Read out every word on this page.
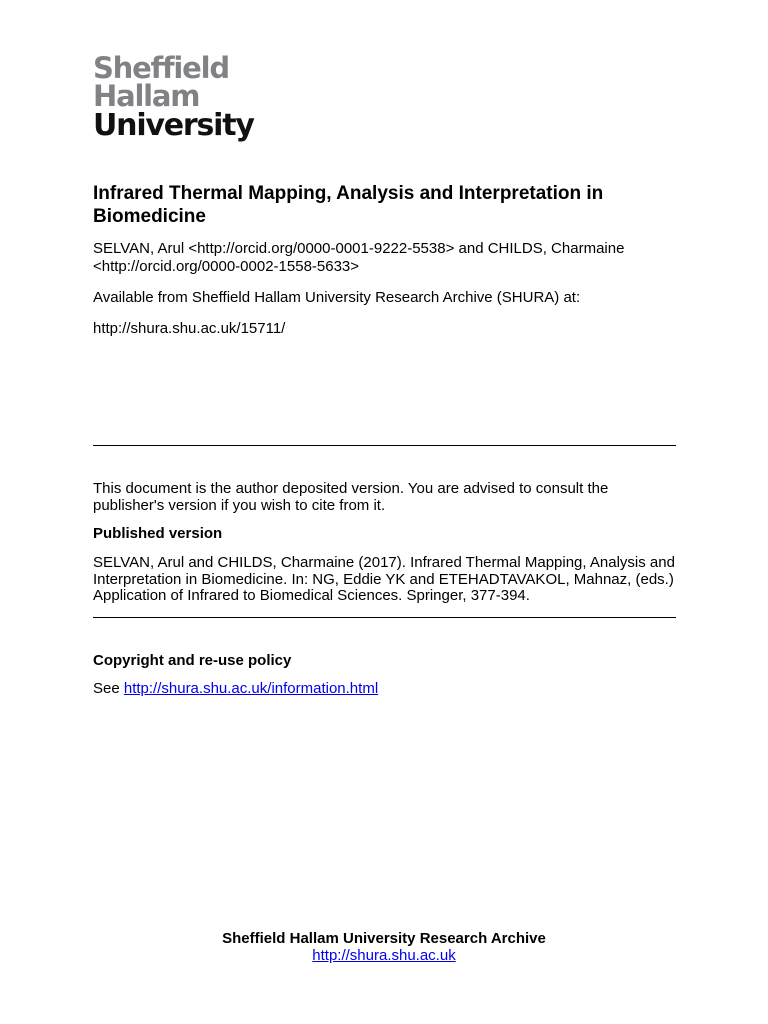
Sheffield
Hallam
University
Infrared Thermal Mapping, Analysis and Interpretation in Biomedicine
SELVAN, Arul <http://orcid.org/0000-0001-9222-5538> and CHILDS, Charmaine <http://orcid.org/0000-0002-1558-5633>
Available from Sheffield Hallam University Research Archive (SHURA) at:
http://shura.shu.ac.uk/15711/
This document is the author deposited version. You are advised to consult the publisher's version if you wish to cite from it.
Published version
SELVAN, Arul and CHILDS, Charmaine (2017). Infrared Thermal Mapping, Analysis and Interpretation in Biomedicine. In: NG, Eddie YK and ETEHADTAVAKOL, Mahnaz, (eds.) Application of Infrared to Biomedical Sciences. Springer, 377-394.
Copyright and re-use policy
See http://shura.shu.ac.uk/information.html
Sheffield Hallam University Research Archive
http://shura.shu.ac.uk
